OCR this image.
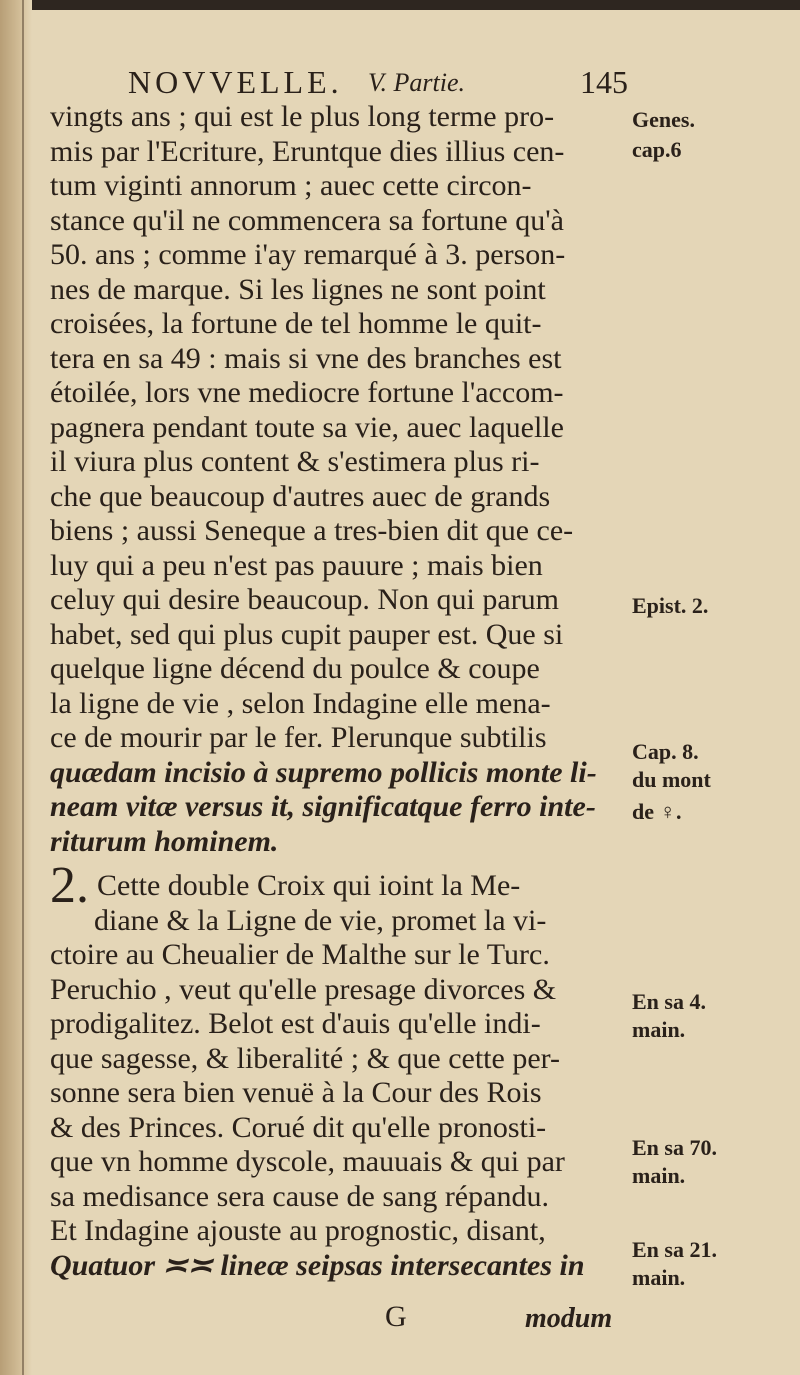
NOVVELLE. V. Partie.	145
vingts ans ; qui est le plus long terme pro-
mis par l'Ecriture, Eruntque dies illius cen-
tum viginti annorum ; auec cette circon-
stance qu'il ne commencera sa fortune qu'à
50. ans ; comme i'ay remarqué à 3. person-
nes de marque. Si les lignes ne sont point
croisées, la fortune de tel homme le quit-
tera en sa 49 : mais si vne des branches est
étoilée, lors vne mediocre fortune l'accom-
pagnera pendant toute sa vie, auec laquelle
il viura plus content & s'estimera plus ri-
che que beaucoup d'autres auec de grands
biens ; aussi Seneque a tres-bien dit que ce-
luy qui a peu n'est pas pauure ; mais bien
celuy qui desire beaucoup. Non qui parum
habet, sed qui plus cupit pauper est. Que si
quelque ligne décend du poulce & coupe
la ligne de vie , selon Indagine elle mena-
ce de mourir par le fer. Plerunque subtilis
quædam incisio à supremo pollicis monte li-
neam vitæ versus it, significatque ferro inte-
riturum hominem.
2. Cette double Croix qui ioint la Me-
diane & la Ligne de vie, promet la vi-
ctoire au Cheualier de Malthe sur le Turc.
Peruchio , veut qu'elle presage divorces &
prodigalitez. Belot est d'auis qu'elle indi-
que sagesse, & liberalité ; & que cette per-
sonne sera bien venuë à la Cour des Rois
& des Princes. Corué dit qu'elle pronosti-
que vn homme dyscole, mauuais & qui par
sa medisance sera cause de sang répandu.
Et Indagine ajouste au prognostic, disant,
Quatuor ≍≍ lineæ seipsas intersecantes in
Genes.
cap.6
Epist. 2.
Cap. 8.
du mont
de ♀.
En sa 4.
main.
En sa 70.
main.
En sa 21.
main.
G	modum
